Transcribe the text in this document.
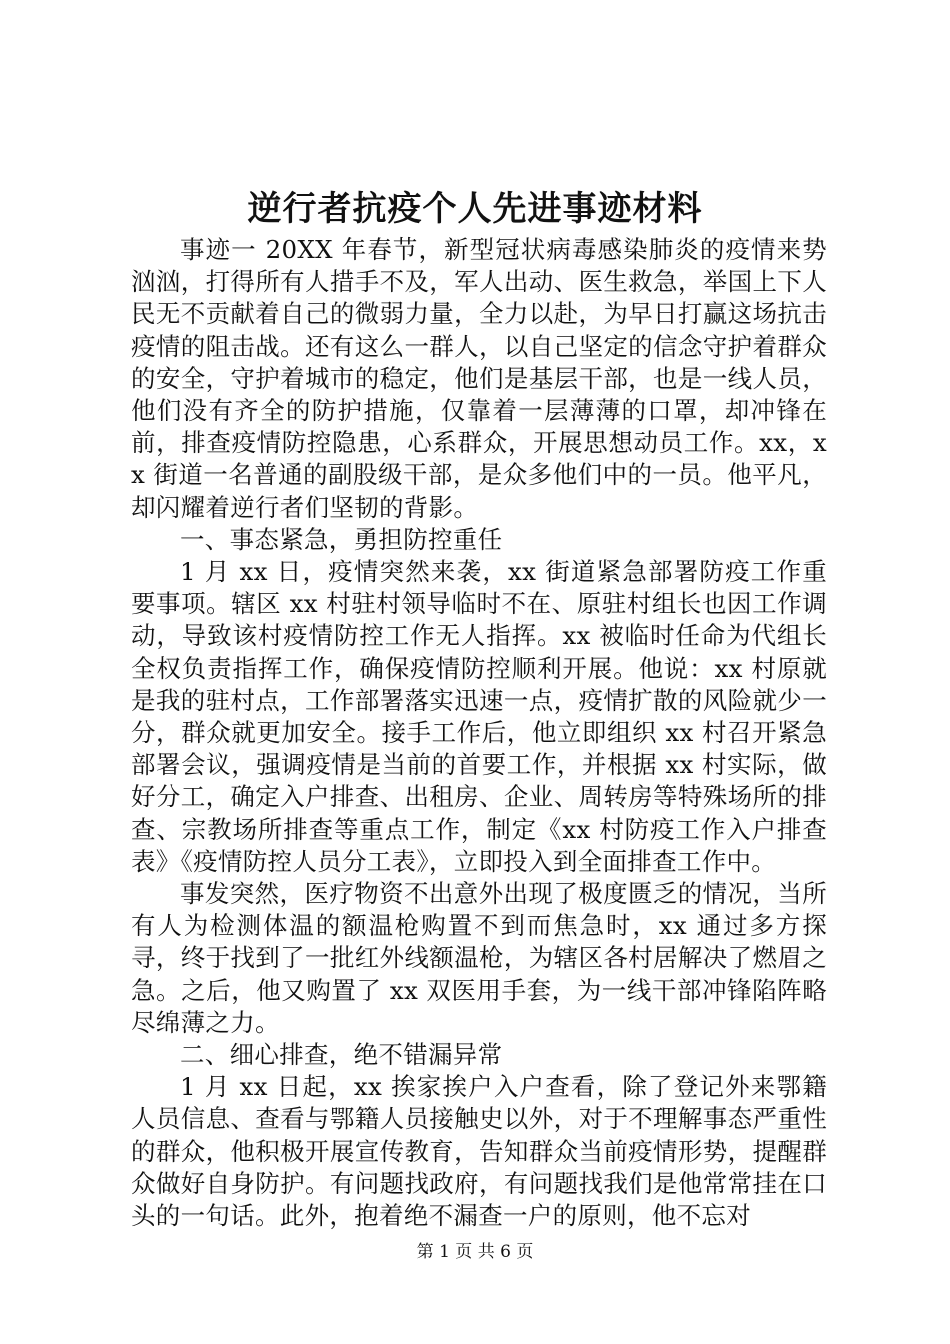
逆行者抗疫个人先进事迹材料

事迹一 20XX 年春节，新型冠状病毒感染肺炎的疫情来势汹汹，打得所有人措手不及，军人出动、医生救急，举国上下人民无不贡献着自己的微弱力量，全力以赴，为早日打赢这场抗击疫情的阻击战。还有这么一群人，以自己坚定的信念守护着群众的安全，守护着城市的稳定，他们是基层干部，也是一线人员，他们没有齐全的防护措施，仅靠着一层薄薄的口罩，却冲锋在前，排查疫情防控隐患，心系群众，开展思想动员工作。xx，xx 街道一名普通的副股级干部，是众多他们中的一员。他平凡，却闪耀着逆行者们坚韧的背影。

一、事态紧急，勇担防控重任

1 月 xx 日，疫情突然来袭，xx 街道紧急部署防疫工作重要事项。辖区 xx 村驻村领导临时不在、原驻村组长也因工作调动，导致该村疫情防控工作无人指挥。xx 被临时任命为代组长全权负责指挥工作，确保疫情防控顺利开展。他说：xx 村原就是我的驻村点，工作部署落实迅速一点，疫情扩散的风险就少一分，群众就更加安全。接手工作后，他立即组织 xx 村召开紧急部署会议，强调疫情是当前的首要工作，并根据 xx 村实际，做好分工，确定入户排查、出租房、企业、周转房等特殊场所的排查、宗教场所排查等重点工作，制定《xx 村防疫工作入户排查表》《疫情防控人员分工表》，立即投入到全面排查工作中。

事发突然，医疗物资不出意外出现了极度匮乏的情况，当所有人为检测体温的额温枪购置不到而焦急时，xx 通过多方探寻，终于找到了一批红外线额温枪，为辖区各村居解决了燃眉之急。之后，他又购置了 xx 双医用手套，为一线干部冲锋陷阵略尽绵薄之力。

二、细心排查，绝不错漏异常

1 月 xx 日起，xx 挨家挨户入户查看，除了登记外来鄂籍人员信息、查看与鄂籍人员接触史以外，对于不理解事态严重性的群众，他积极开展宣传教育，告知群众当前疫情形势，提醒群众做好自身防护。有问题找政府，有问题找我们是他常常挂在口头的一句话。此外，抱着绝不漏查一户的原则，他不忘对

第 1 页 共 6 页
